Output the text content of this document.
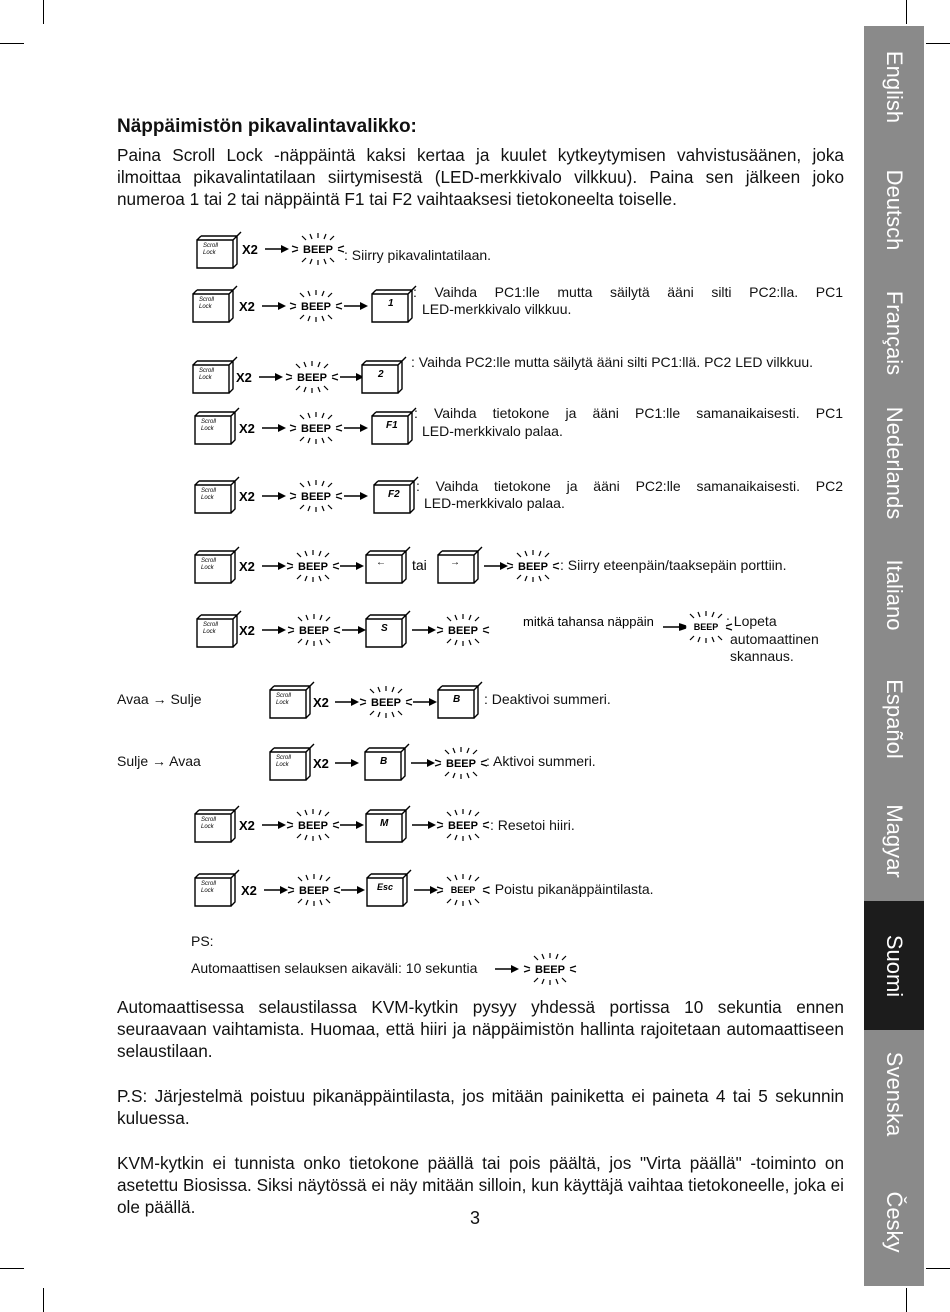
Näppäimistön pikavalintavalikko:

Paina Scroll Lock -näppäintä kaksi kertaa ja kuulet kytkeytymisen vahvistusäänen, joka ilmoittaa pikavalintatilaan siirtymisestä (LED-merkkivalo vilkkuu). Paina sen jälkeen joko numeroa 1 tai 2 tai näppäintä F1 tai F2 vaihtaaksesi tietokoneelta toiselle.

Scroll
Lock X2	BEEP : Siirry pikavalintatilaan.
Scroll
Lock X2	BEEP	1
: Vaihda PC1:lle mutta säilytä ääni silti PC2:lla. PC1
LED-merkkivalo vilkkuu.
Scroll
Lock X2	BEEP	2
: Vaihda PC2:lle mutta säilytä ääni silti PC1:llä. PC2 LED vilkkuu.
Scroll
Lock X2	BEEP	F1
: Vaihda tietokone ja ääni PC1:lle samanaikaisesti. PC1
LED-merkkivalo palaa.
Scroll
Lock X2	BEEP	F2
: Vaihda tietokone ja ääni PC2:lle samanaikaisesti. PC2
LED-merkkivalo palaa.
Scroll
Lock X2	BEEP	← tai →	BEEP : Siirry eteenpäin/taaksepäin porttiin.
Scroll
Lock X2	BEEP	S	BEEP
mitkä tahansa näppäin	BEEP : Lopeta
automaattinen
skannaus.
Avaa → Sulje	Scroll
Lock X2	BEEP	B : Deaktivoi summeri.
Sulje → Avaa	Scroll
Lock X2	B	BEEP : Aktivoi summeri.
Scroll
Lock X2	BEEP	M	BEEP : Resetoi hiiri.
Scroll
Lock X2	BEEP	Esc	BEEP : Poistu pikanäppäintilasta.
PS:
Automaattisen selauksen aikaväli: 10 sekuntia	BEEP

Automaattisessa selaustilassa KVM-kytkin pysyy yhdessä portissa 10 sekuntia ennen seuraavaan vaihtamista. Huomaa, että hiiri ja näppäimistön hallinta rajoitetaan automaattiseen selaustilaan.

P.S: Järjestelmä poistuu pikanäppäintilasta, jos mitään painiketta ei paineta 4 tai 5 sekunnin kuluessa.

KVM-kytkin ei tunnista onko tietokone päällä tai pois päältä, jos "Virta päällä" -toiminto on asetettu Biosissa. Siksi näytössä ei näy mitään silloin, kun käyttäjä vaihtaa tietokoneelle, joka ei ole päällä.

3
English
Deutsch
Français
Nederlands
Italiano
Español
Magyar
Suomi
Svenska
Česky
